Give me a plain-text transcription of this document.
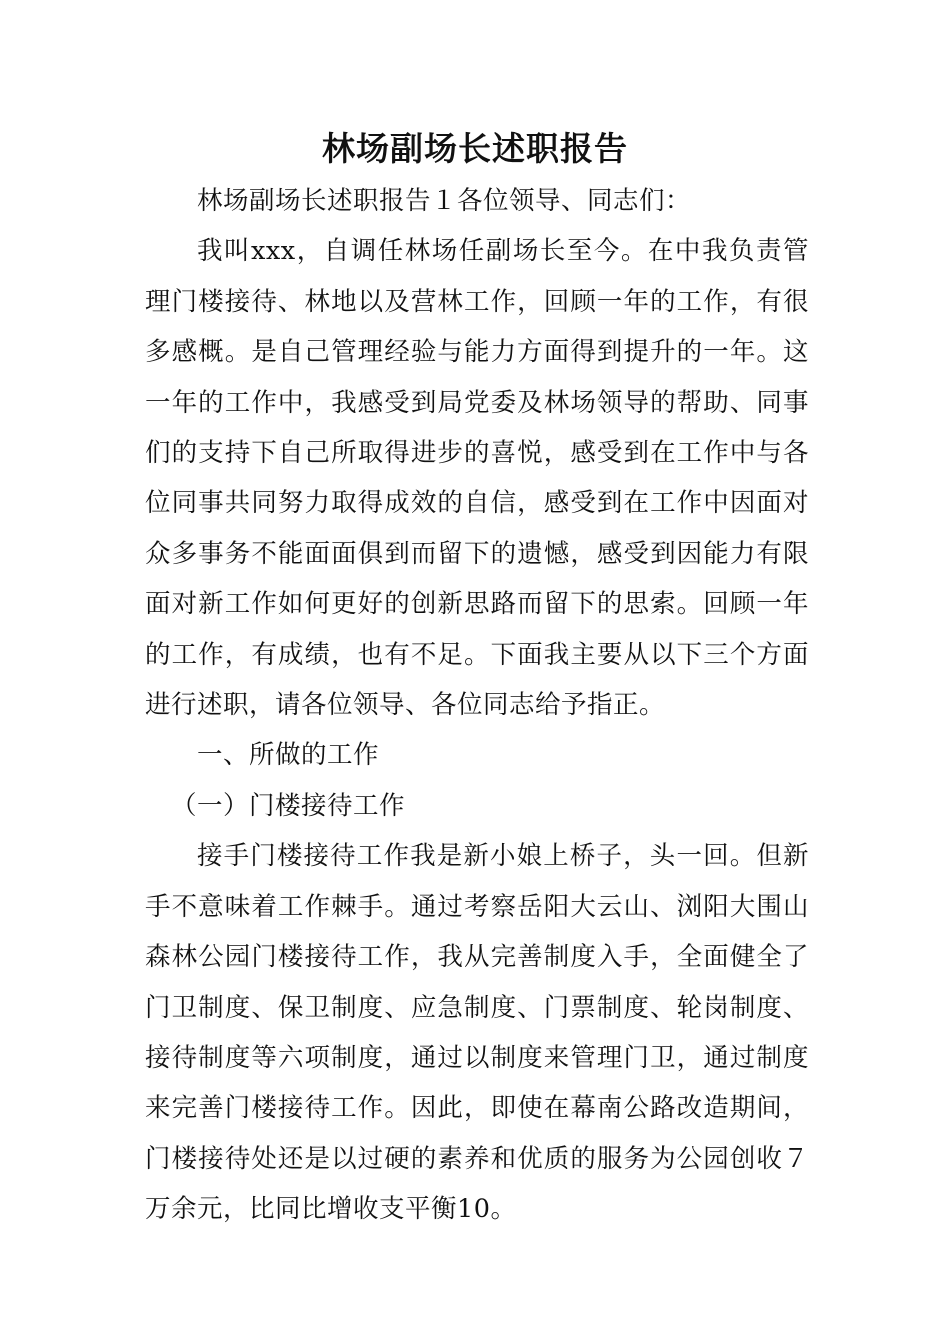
林场副场长述职报告

林场副场长述职报告１各位领导、同志们：

我叫xxx，自调任林场任副场长至今。在中我负责管理门楼接待、林地以及营林工作，回顾一年的工作，有很多感概。是自己管理经验与能力方面得到提升的一年。这一年的工作中，我感受到局党委及林场领导的帮助、同事们的支持下自己所取得进步的喜悦，感受到在工作中与各位同事共同努力取得成效的自信，感受到在工作中因面对众多事务不能面面俱到而留下的遗憾，感受到因能力有限面对新工作如何更好的创新思路而留下的思索。回顾一年的工作，有成绩，也有不足。下面我主要从以下三个方面进行述职，请各位领导、各位同志给予指正。

一、所做的工作

（一）门楼接待工作

接手门楼接待工作我是新小娘上桥子，头一回。但新手不意味着工作棘手。通过考察岳阳大云山、浏阳大围山森林公园门楼接待工作，我从完善制度入手，全面健全了门卫制度、保卫制度、应急制度、门票制度、轮岗制度、接待制度等六项制度，通过以制度来管理门卫，通过制度来完善门楼接待工作。因此，即使在幕南公路改造期间，门楼接待处还是以过硬的素养和优质的服务为公园创收７万余元，比同比增收支平衡10。
